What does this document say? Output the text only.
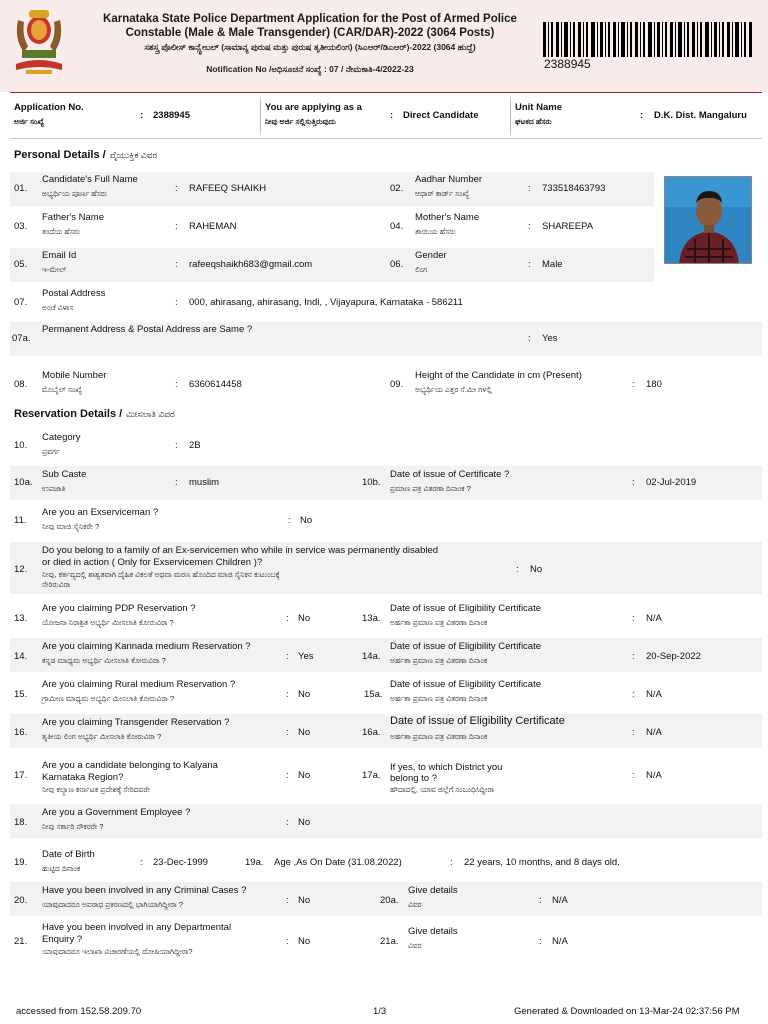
Karnataka State Police Department Application for the Post of Armed Police
Constable (Male & Male Transgender) (CAR/DAR)-2022 (3064 Posts)
ಸಶಸ್ತ್ರ ಪೊಲೀಸ್ ಕಾನ್ಸ್ಟೇಬಲ್ (ಸಾಮಾನ್ಯ ಪುರುಷ ಮತ್ತು ಪುರುಷ ತೃತೀಯಲಿಂಗ) (ಸಿಎಆರ್/ಡಿಎಆರ್)-2022 (3064 ಹುದ್ದೆ)
Notification No /ಅಧಿಸೂಚನೆ ಸಂಖ್ಯೆ : 07 / ನೇಮಕಾತಿ-4/2022-23	2388945
Application No.
ಅರ್ಜಿ ಸಂಖ್ಯೆ
: 2388945
You are applying as a
ನೀವು ಅರ್ಜಿ ಸಲ್ಲಿಸುತ್ತಿರುವುದು
: Direct Candidate
Unit Name
ಘಟಕದ ಹೆಸರು
: D.K. Dist. Mangaluru
Personal Details / ವೈಯುಕ್ತಿಕ ವಿವರ
01.
Candidate's Full Name
ಅಭ್ಯರ್ಥಿಯ ಪೂರ್ಣ ಹೆಸರು	: RAFEEQ SHAIKH	02.
Aadhar Number
ಆಧಾರ್ ಕಾರ್ಡ್ ಸಂಖ್ಯೆ	: 733518463793
03.
Father's Name
ತಂದೆಯ ಹೆಸರು	: RAHEMAN	04.
Mother's Name
ತಾಯಿಯ ಹೆಸರು	: SHAREEPA
05.
Email Id
ಇ-ಮೇಲ್	: rafeeqshaikh683@gmail.com	06.
Gender
ಲಿಂಗ	: Male
07.
Postal Address
ಅಂಚೆ ವಿಳಾಸ	: 000, ahirasang, ahirasang, Indi, , Vijayapura, Karnataka - 586211
07a.
Permanent Address & Postal Address are Same ?
: Yes
08.
Mobile Number
ಮೊಬೈಲ್ ಸಂಖ್ಯೆ	: 6360614458	09.
Height of the Candidate in cm (Present)
ಅಭ್ಯರ್ಥಿಯ ಎತ್ತರ ಸೆ.ಮೀ ಗಳಲ್ಲಿ	: 180
Reservation Details / ಮೀಸಲಾತಿ ವಿವರ
10.
Category
ಪ್ರವರ್ಗ
: 2B
10a.
Sub Caste
ಉಪಜಾತಿ
: muslim	10b.
Date of issue of Certificate ?
ಪ್ರಮಾಣ ಪತ್ರ ವಿತರಣಾ ದಿನಾಂಕ ?
: 02-Jul-2019
11.
Are you an Exserviceman ?
ನೀವು ಮಾಜಿ ಸೈನಿಕರೇ ?
: No
12.
Do you belong to a family of an Ex-servicemen who while in service was permanently disabled
or died in action ( Only for Exservicemen Children )?
ನೀವು, ಕರ್ತವ್ಯದಲ್ಲಿ ಶಾಶ್ವತವಾಗಿ ದೈಹಿಕ ವಿಕಲತೆ ಅಥವಾ ಮರಣ ಹೊಂದಿದ ಮಾಜಿ ಸೈನಿಕನ ಕುಟುಂಬಕ್ಕೆ
ಸೇರಿರುವಿರಾ
: No
13.
Are you claiming PDP Reservation ?
ಯೋಜನಾ ನಿರಾಶ್ರಿತ ಅಭ್ಯರ್ಥಿ ಮೀಸಲಾತಿ ಕೋರುವಿರಾ ?	: No	13a.
Date of issue of Eligibility Certificate
ಅರ್ಹತಾ ಪ್ರಮಾಣ ಪತ್ರ ವಿತರಣಾ ದಿನಾಂಕ	: N/A
14.
Are you claiming Kannada medium Reservation ?
ಕನ್ನಡ ಮಾಧ್ಯಮ ಅಭ್ಯರ್ಥಿ ಮೀಸಲಾತಿ ಕೋರುವಿರಾ ?	: Yes	14a.
Date of issue of Eligibility Certificate
ಅರ್ಹತಾ ಪ್ರಮಾಣ ಪತ್ರ ವಿತರಣಾ ದಿನಾಂಕ	: 20-Sep-2022
15.
Are you claiming Rural medium Reservation ?
ಗ್ರಾಮೀಣ ಮಾಧ್ಯಮ ಅಭ್ಯರ್ಥಿ ಮೀಸಲಾತಿ ಕೋರುವಿರಾ ?	: No	15a.
Date of issue of Eligibility Certificate
ಅರ್ಹತಾ ಪ್ರಮಾಣ ಪತ್ರ ವಿತರಣಾ ದಿನಾಂಕ	: N/A
16.
Are you claiming Transgender Reservation ?
ತೃತೀಯ ಲಿಂಗ ಅಭ್ಯರ್ಥಿ ಮೀಸಲಾತಿ ಕೋರುವಿರಾ ?	: No	16a.
Date of issue of Eligibility Certificate
ಅರ್ಹತಾ ಪ್ರಮಾಣ ಪತ್ರ ವಿತರಣಾ ದಿನಾಂಕ	: N/A
17.
Are you a candidate belonging to Kalyana
Karnataka Region?
ನೀವು ಕಲ್ಯಾಣ ಕರ್ನಾಟಕ ಪ್ರದೇಶಕ್ಕೆ ಸೇರಿದವರೇ
: No	17a.
If yes, to which District you
belong to ?
ಹೌದಾದಲ್ಲಿ, ಯಾವ ಜಿಲ್ಲೆಗೆ ಸಂಬಂಧಿಸಿದ್ದೀರಾ
: N/A
18.
Are you a Government Employee ?
ನೀವು ಸರ್ಕಾರಿ ನೌಕರರೇ ?	: No
19.
Date of Birth
ಹುಟ್ಟಿದ ದಿನಾಂಕ
: 23-Dec-1999	19a. Age ,As On Date (31.08.2022)	: 22 years, 10 months, and 8 days old.
20.
Have you been involved in any Criminal Cases ?
ಯಾವುದಾದರೂ ಅಪರಾಧ ಪ್ರಕರಣದಲ್ಲಿ ಭಾಗಿಯಾಗಿದ್ದೀರಾ ?	: No	20a.
Give details
ವಿವರ	: N/A
21.
Have you been involved in any Departmental
Enquiry ?
ಯಾವುದಾದರೂ ಇಲಾಖಾ ವಿಚಾರಣೆಯಲ್ಲಿ ದೋಷಿಯಾಗಿದ್ದೀರಾ?
: No	21a.
Give details
ವಿವರ	: N/A
accessed from 152.58.209.70	1/3	Generated & Downloaded on 13-Mar-24 02:37:56 PM
